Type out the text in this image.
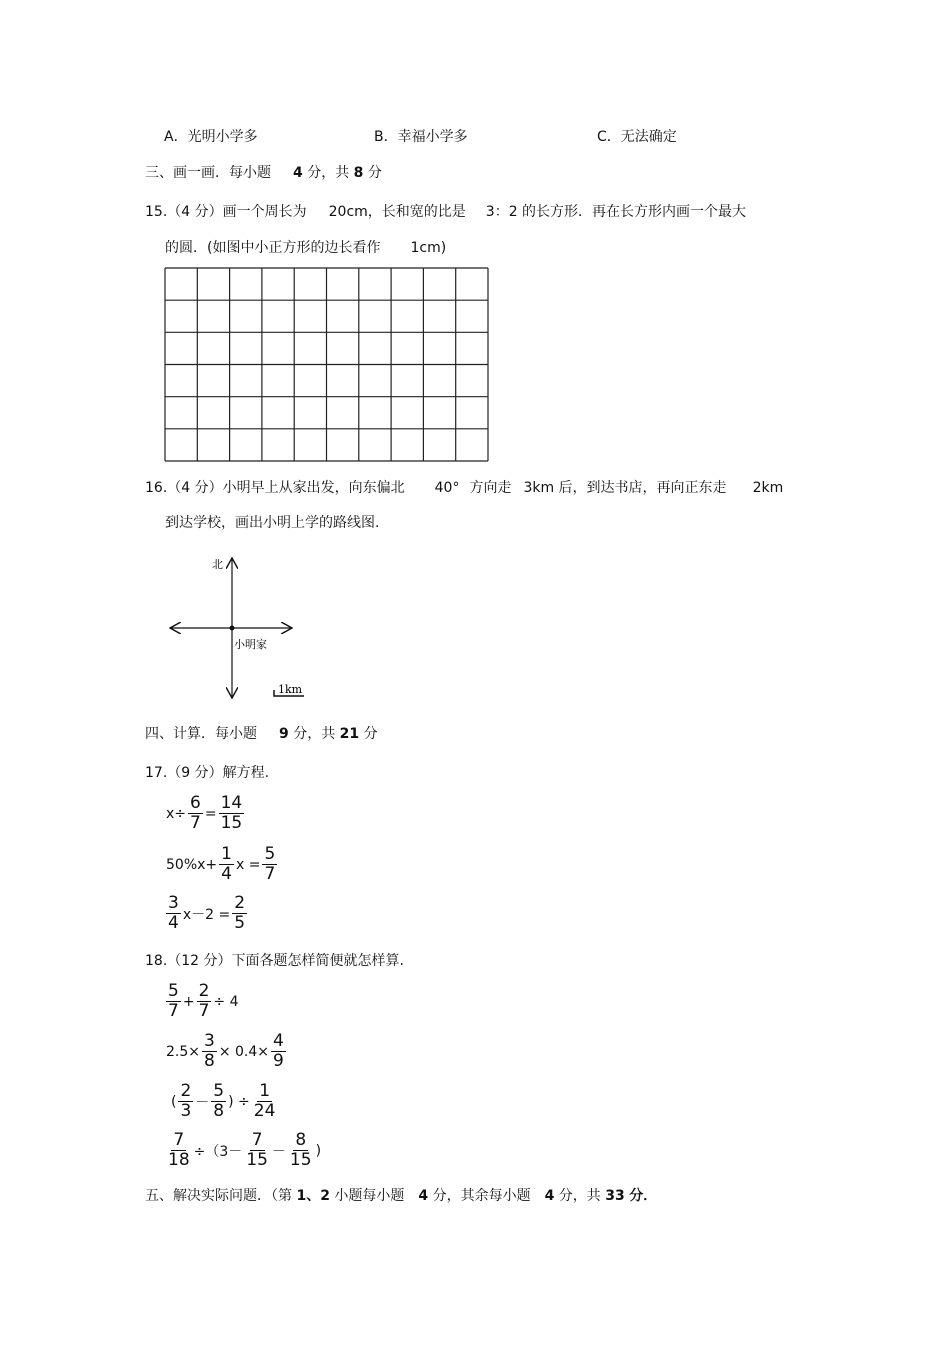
A．光明小学多	B．幸福小学多	C．无法确定
三、画一画．每小题 4 分，共 8 分
15.（4 分）画一个周长为 20cm，长和宽的比是 3：2 的长方形．再在长方形内画一个最大
的圆．(如图中小正方形的边长看作 1cm)
16.（4 分）小明早上从家出发，向东偏北 40° 方向走 3km 后，到达书店，再向正东走 2km
到达学校，画出小明上学的路线图.
北
小明家
1km
四、计算．每小题 9 分，共 21 分
17.（9 分）解方程.
$x\div \frac{6}{7} = \frac{14}{15}$
$50\%x+ \frac{1}{4}$ $x = \frac{5}{7}$
$\frac{3}{4} x-2 = \frac{2}{5}$
18.（12 分）下面各题怎样简便就怎样算.
$\frac{5}{7} + \frac{2}{7} \div 4$
$2.5\times \frac{3}{8} \times 0.4\times \frac{4}{9}$
( $\frac{2}{3} - \frac{5}{8}$ ) ÷ $\frac{1}{24}$
$\frac{7}{18} \div(3- \frac{7}{15} - \frac{8}{15}$ )
五、解决实际问题．（第 1、2 小题每小题 4 分，其余每小题 4 分，共 33 分．
